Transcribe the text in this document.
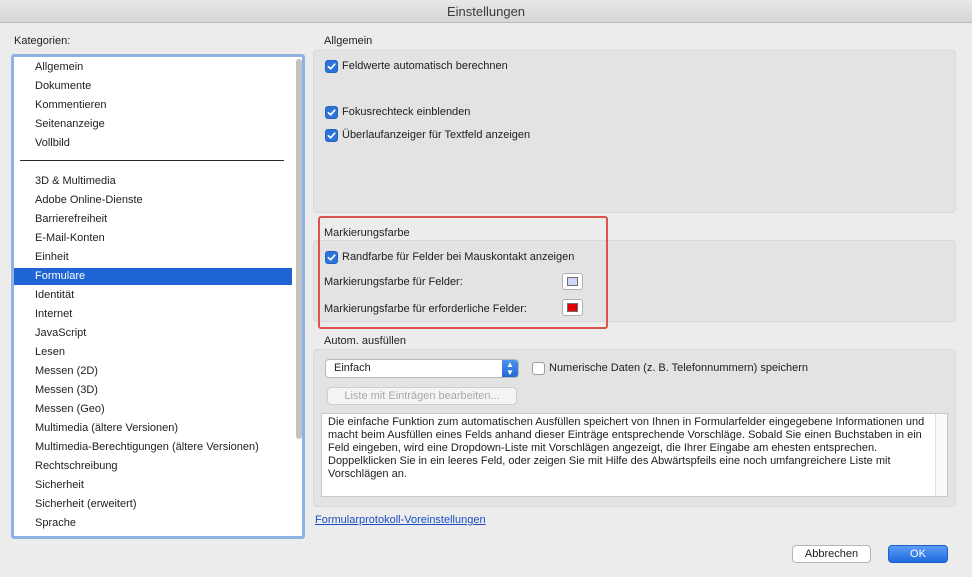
Einstellungen
Kategorien:
Allgemein
Dokumente
Kommentieren
Seitenanzeige
Vollbild
3D & Multimedia
Adobe Online-Dienste
Barrierefreiheit
E-Mail-Konten
Einheit
Formulare
Identität
Internet
JavaScript
Lesen
Messen (2D)
Messen (3D)
Messen (Geo)
Multimedia (ältere Versionen)
Multimedia-Berechtigungen (ältere Versionen)
Rechtschreibung
Sicherheit
Sicherheit (erweitert)
Sprache
Allgemein
Feldwerte automatisch berechnen
Fokusrechteck einblenden
Überlaufanzeiger für Textfeld anzeigen
Markierungsfarbe
Randfarbe für Felder bei Mauskontakt anzeigen
Markierungsfarbe für Felder:
Markierungsfarbe für erforderliche Felder:
Autom. ausfüllen
Einfach	▲
▼	Numerische Daten (z. B. Telefonnummern) speichern
Liste mit Einträgen bearbeiten...
Die einfache Funktion zum automatischen Ausfüllen speichert von Ihnen in Formularfelder eingegebene Informationen und macht beim Ausfüllen eines Felds anhand dieser Einträge entsprechende Vorschläge. Sobald Sie einen Buchstaben in ein Feld eingeben, wird eine Dropdown-Liste mit Vorschlägen angezeigt, die Ihrer Eingabe am ehesten entsprechen. Doppelklicken Sie in ein leeres Feld, oder zeigen Sie mit Hilfe des Abwärtspfeils eine noch umfangreichere Liste mit Vorschlägen an.
Formularprotokoll-Voreinstellungen
Abbrechen	OK
